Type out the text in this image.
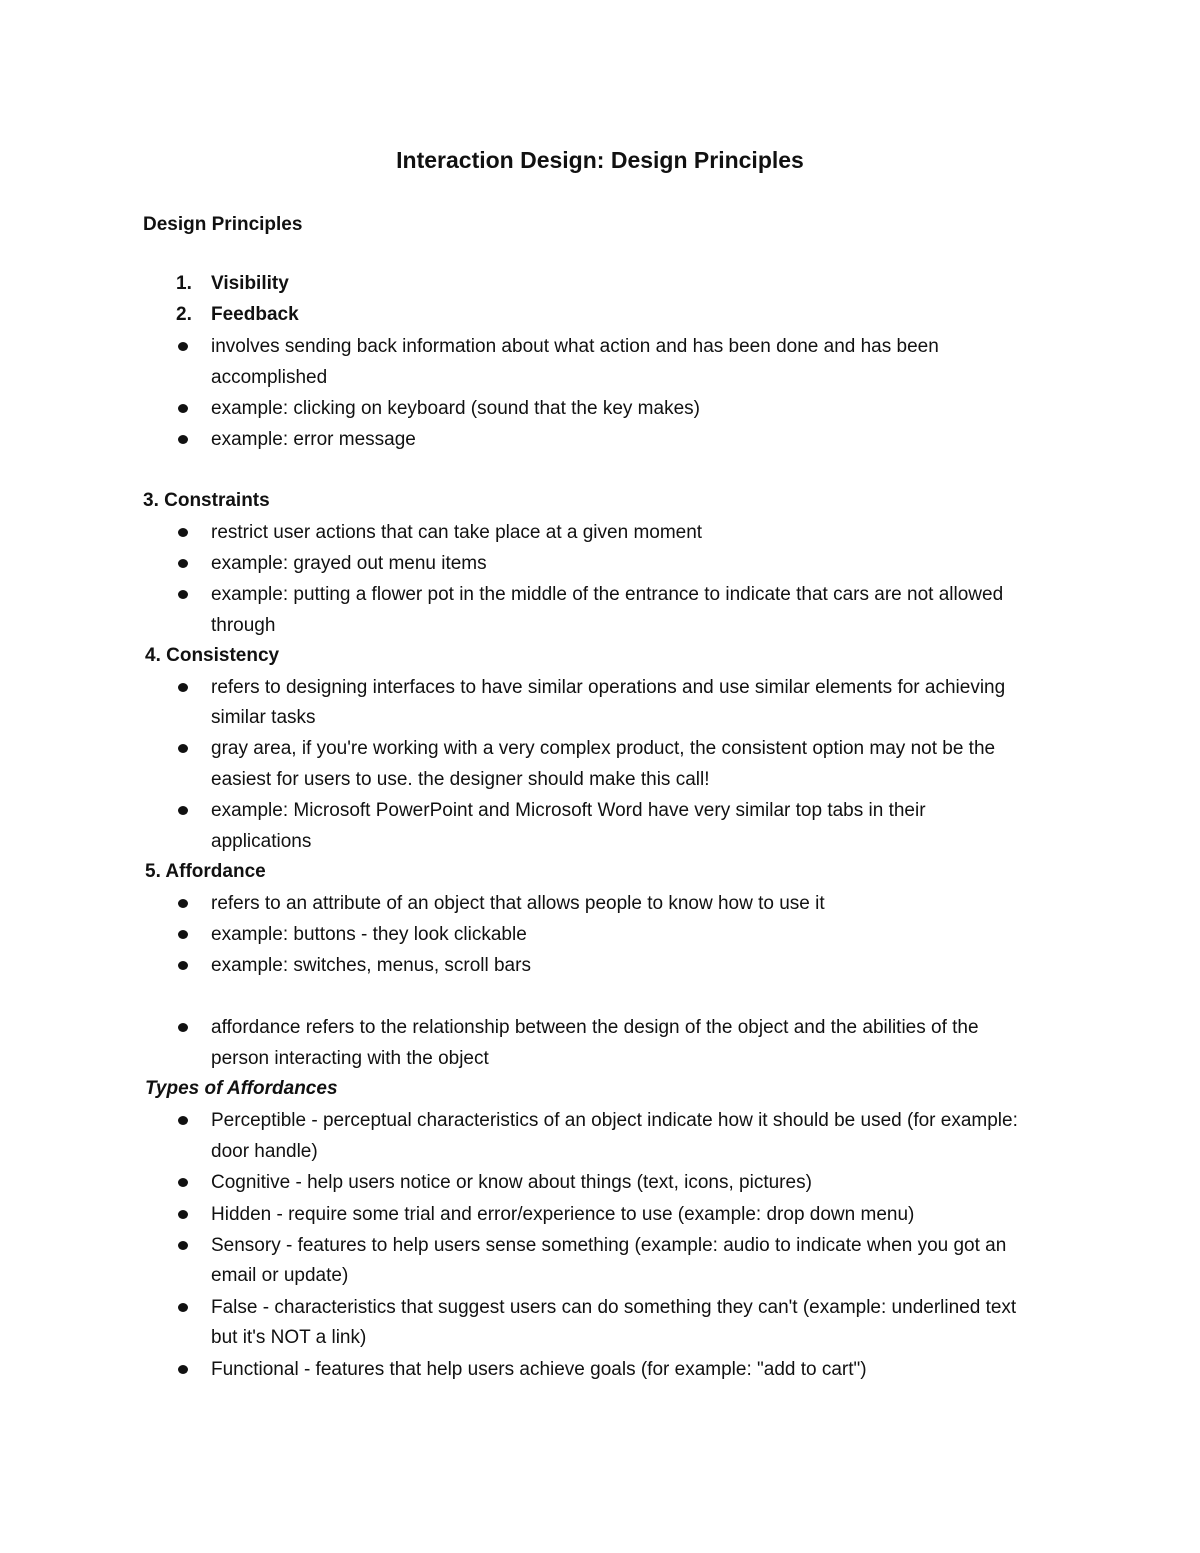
Interaction Design: Design Principles
Design Principles
1. Visibility
2. Feedback
involves sending back information about what action and has been done and has been
accomplished
example: clicking on keyboard (sound that the key makes)
example: error message
3. Constraints
restrict user actions that can take place at a given moment
example: grayed out menu items
example: putting a flower pot in the middle of the entrance to indicate that cars are not allowed
through
4. Consistency
refers to designing interfaces to have similar operations and use similar elements for achieving
similar tasks
gray area, if you're working with a very complex product, the consistent option may not be the
easiest for users to use. the designer should make this call!
example: Microsoft PowerPoint and Microsoft Word have very similar top tabs in their
applications
5. Affordance
refers to an attribute of an object that allows people to know how to use it
example: buttons - they look clickable
example: switches, menus, scroll bars
affordance refers to the relationship between the design of the object and the abilities of the
person interacting with the object
Types of Affordances
Perceptible - perceptual characteristics of an object indicate how it should be used (for example:
door handle)
Cognitive - help users notice or know about things (text, icons, pictures)
Hidden - require some trial and error/experience to use (example: drop down menu)
Sensory - features to help users sense something (example: audio to indicate when you got an
email or update)
False - characteristics that suggest users can do something they can't (example: underlined text
but it's NOT a link)
Functional - features that help users achieve goals (for example: "add to cart")
